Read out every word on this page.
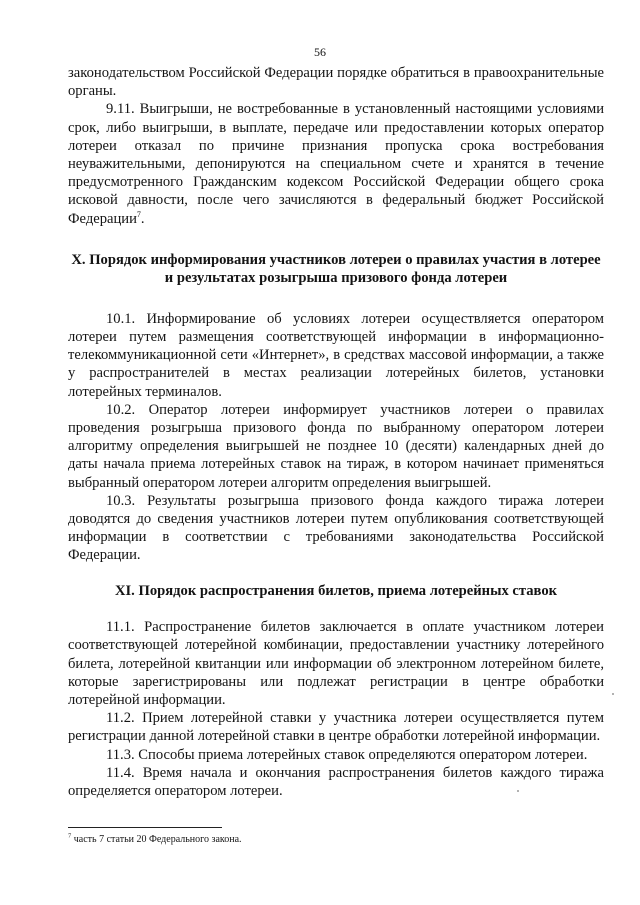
56

законодательством Российской Федерации порядке обратиться в правоохранительные органы.

9.11. Выигрыши, не востребованные в установленный настоящими условиями срок, либо выигрыши, в выплате, передаче или предоставлении которых оператор лотереи отказал по причине признания пропуска срока востребования неуважительными, депонируются на специальном счете и хранятся в течение предусмотренного Гражданским кодексом Российской Федерации общего срока исковой давности, после чего зачисляются в федеральный бюджет Российской Федерации$^7$.

X. Порядок информирования участников лотереи о правилах участия в лотерее
и результатах розыгрыша призового фонда лотереи

10.1. Информирование об условиях лотереи осуществляется оператором лотереи путем размещения соответствующей информации в информационно-телекоммуникационной сети «Интернет», в средствах массовой информации, а также у распространителей в местах реализации лотерейных билетов, установки лотерейных терминалов.

10.2. Оператор лотереи информирует участников лотереи о правилах проведения розыгрыша призового фонда по выбранному оператором лотереи алгоритму определения выигрышей не позднее 10 (десяти) календарных дней до даты начала приема лотерейных ставок на тираж, в котором начинает применяться выбранный оператором лотереи алгоритм определения выигрышей.

10.3. Результаты розыгрыша призового фонда каждого тиража лотереи доводятся до сведения участников лотереи путем опубликования соответствующей информации в соответствии с требованиями законодательства Российской Федерации.

XI. Порядок распространения билетов, приема лотерейных ставок

11.1. Распространение билетов заключается в оплате участником лотереи соответствующей лотерейной комбинации, предоставлении участнику лотерейного билета, лотерейной квитанции или информации об электронном лотерейном билете, которые зарегистрированы или подлежат регистрации в центре обработки лотерейной информации.

11.2. Прием лотерейной ставки у участника лотереи осуществляется путем регистрации данной лотерейной ставки в центре обработки лотерейной информации.

11.3. Способы приема лотерейных ставок определяются оператором лотереи.

11.4. Время начала и окончания распространения билетов каждого тиража определяется оператором лотереи.

$^7$ часть 7 статьи 20 Федерального закона.
